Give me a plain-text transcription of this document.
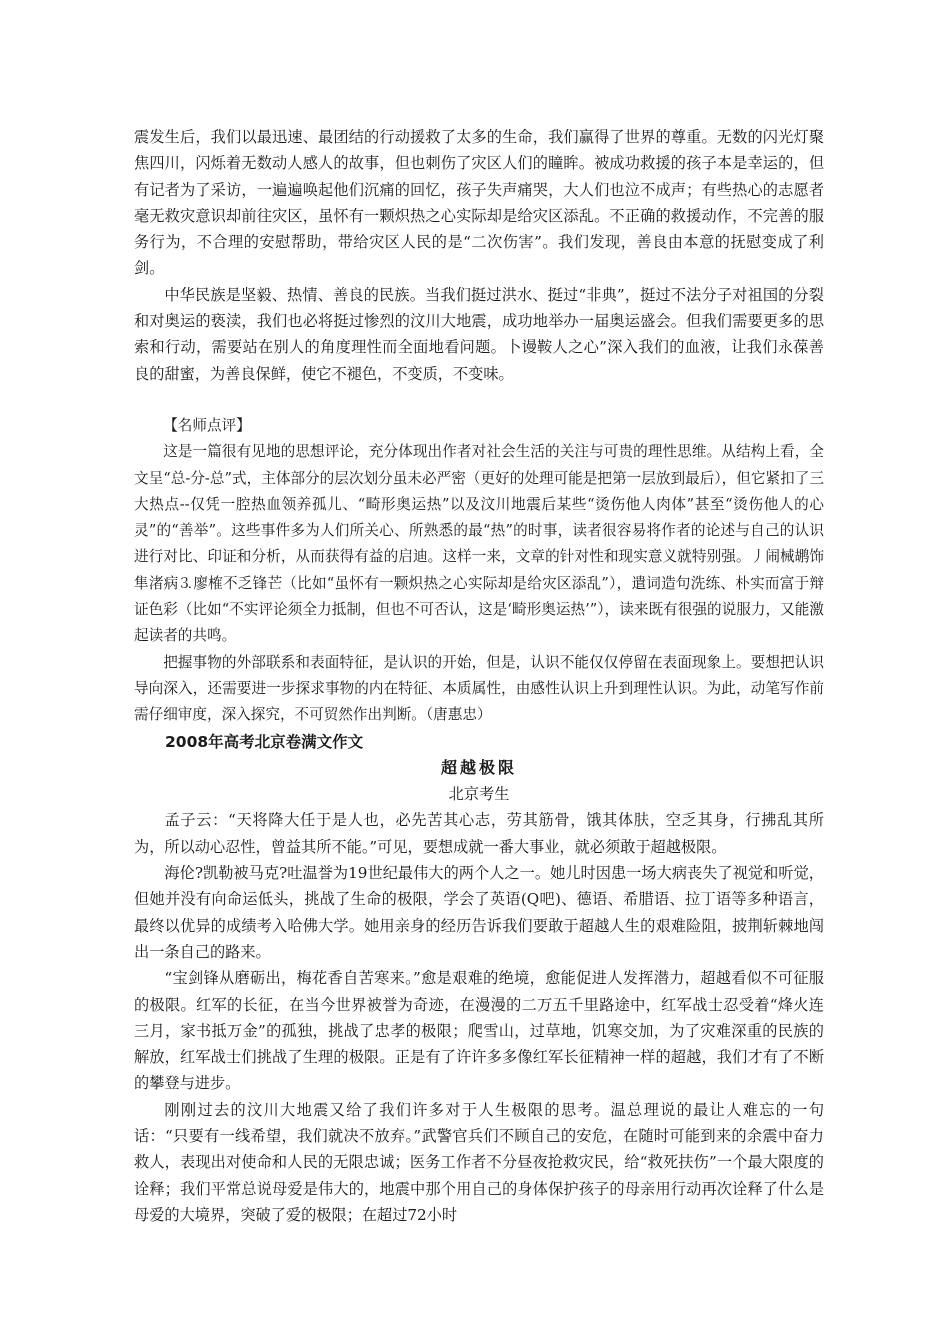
震发生后，我们以最迅速、最团结的行动援救了太多的生命，我们赢得了世界的尊重。无数的闪光灯聚焦四川，闪烁着无数动人感人的故事，但也刺伤了灾区人们的瞳眸。被成功救援的孩子本是幸运的，但有记者为了采访，一遍遍唤起他们沉痛的回忆，孩子失声痛哭，大人们也泣不成声；有些热心的志愿者毫无救灾意识却前往灾区，虽怀有一颗炽热之心实际却是给灾区添乱。不正确的救援动作，不完善的服务行为，不合理的安慰帮助，带给灾区人民的是“二次伤害”。我们发现，善良由本意的抚慰变成了利剑。

中华民族是坚毅、热情、善良的民族。当我们挺过洪水、挺过“非典”，挺过不法分子对祖国的分裂和对奥运的亵渎，我们也必将挺过惨烈的汶川大地震，成功地举办一届奥运盛会。但我们需要更多的思索和行动，需要站在别人的角度理性而全面地看问题。卜谩鞍人之心”深入我们的血液，让我们永葆善良的甜蜜，为善良保鲜，使它不褪色，不变质，不变味。

【名师点评】

这是一篇很有见地的思想评论，充分体现出作者对社会生活的关注与可贵的理性思维。从结构上看，全文呈“总-分-总”式，主体部分的层次划分虽未必严密（更好的处理可能是把第一层放到最后），但它紧扣了三大热点--仅凭一腔热血领养孤儿、“畸形奥运热”以及汶川地震后某些“烫伤他人肉体”甚至“烫伤他人的心灵”的“善举”。这些事件多为人们所关心、所熟悉的最“热”的时事，读者很容易将作者的论述与自己的认识进行对比、印证和分析，从而获得有益的启迪。这样一来，文章的针对性和现实意义就特别强。丿闹械鹕饰隼渚病⒊廖榷不乏锋芒（比如“虽怀有一颗炽热之心实际却是给灾区添乱”），遣词造句洗练、朴实而富于辩证色彩（比如“不实评论须全力抵制，但也不可否认，这是‘畸形奥运热’”），读来既有很强的说服力，又能激起读者的共鸣。

把握事物的外部联系和表面特征，是认识的开始，但是，认识不能仅仅停留在表面现象上。要想把认识导向深入，还需要进一步探求事物的内在特征、本质属性，由感性认识上升到理性认识。为此，动笔写作前需仔细审度，深入探究，不可贸然作出判断。（唐惠忠）

2008年高考北京卷满文作文

超越极限

北京考生

孟子云：“天将降大任于是人也，必先苦其心志，劳其筋骨，饿其体肤，空乏其身，行拂乱其所为，所以动心忍性，曾益其所不能。”可见，要想成就一番大事业，就必须敢于超越极限。

海伦?凯勒被马克?吐温誉为19世纪最伟大的两个人之一。她儿时因患一场大病丧失了视觉和听觉，但她并没有向命运低头，挑战了生命的极限，学会了英语(Q吧)、德语、希腊语、拉丁语等多种语言，最终以优异的成绩考入哈佛大学。她用亲身的经历告诉我们要敢于超越人生的艰难险阻，披荆斩棘地闯出一条自己的路来。

“宝剑锋从磨砺出，梅花香自苦寒来。”愈是艰难的绝境，愈能促进人发挥潜力，超越看似不可征服的极限。红军的长征，在当今世界被誉为奇迹，在漫漫的二万五千里路途中，红军战士忍受着“烽火连三月，家书抵万金”的孤独，挑战了忠孝的极限；爬雪山，过草地，饥寒交加，为了灾难深重的民族的解放，红军战士们挑战了生理的极限。正是有了许许多多像红军长征精神一样的超越，我们才有了不断的攀登与进步。

刚刚过去的汶川大地震又给了我们许多对于人生极限的思考。温总理说的最让人难忘的一句话：“只要有一线希望，我们就决不放弃。”武警官兵们不顾自己的安危，在随时可能到来的余震中奋力救人，表现出对使命和人民的无限忠诚；医务工作者不分昼夜抢救灾民，给“救死扶伤”一个最大限度的诠释；我们平常总说母爱是伟大的，地震中那个用自己的身体保护孩子的母亲用行动再次诠释了什么是母爱的大境界，突破了爱的极限；在超过72小时
